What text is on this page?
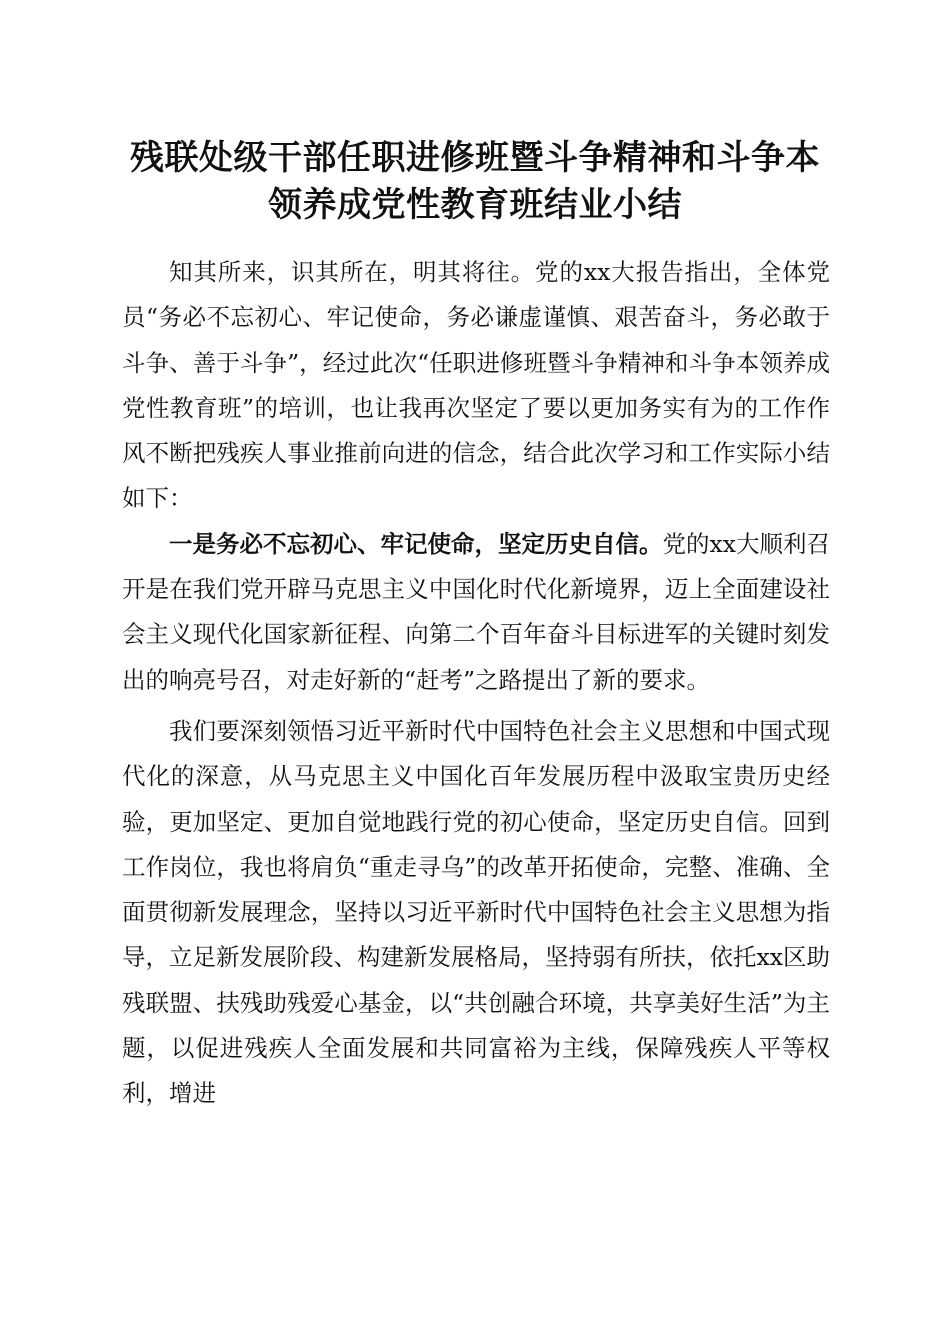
残联处级干部任职进修班暨斗争精神和斗争本
领养成党性教育班结业小结

知其所来，识其所在，明其将往。党的xx大报告指出，全体党员“务必不忘初心、牢记使命，务必谦虚谨慎、艰苦奋斗，务必敢于斗争、善于斗争”，经过此次“任职进修班暨斗争精神和斗争本领养成党性教育班”的培训，也让我再次坚定了要以更加务实有为的工作作风不断把残疾人事业推前向进的信念，结合此次学习和工作实际小结如下：

一是务必不忘初心、牢记使命，坚定历史自信。党的xx大顺利召开是在我们党开辟马克思主义中国化时代化新境界，迈上全面建设社会主义现代化国家新征程、向第二个百年奋斗目标进军的关键时刻发出的响亮号召，对走好新的“赶考”之路提出了新的要求。

我们要深刻领悟习近平新时代中国特色社会主义思想和中国式现代化的深意，从马克思主义中国化百年发展历程中汲取宝贵历史经验，更加坚定、更加自觉地践行党的初心使命，坚定历史自信。回到工作岗位，我也将肩负“重走寻乌”的改革开拓使命，完整、准确、全面贯彻新发展理念，坚持以习近平新时代中国特色社会主义思想为指导，立足新发展阶段、构建新发展格局，坚持弱有所扶，依托xx区助残联盟、扶残助残爱心基金，以“共创融合环境，共享美好生活”为主题，以促进残疾人全面发展和共同富裕为主线，保障残疾人平等权利，增进
